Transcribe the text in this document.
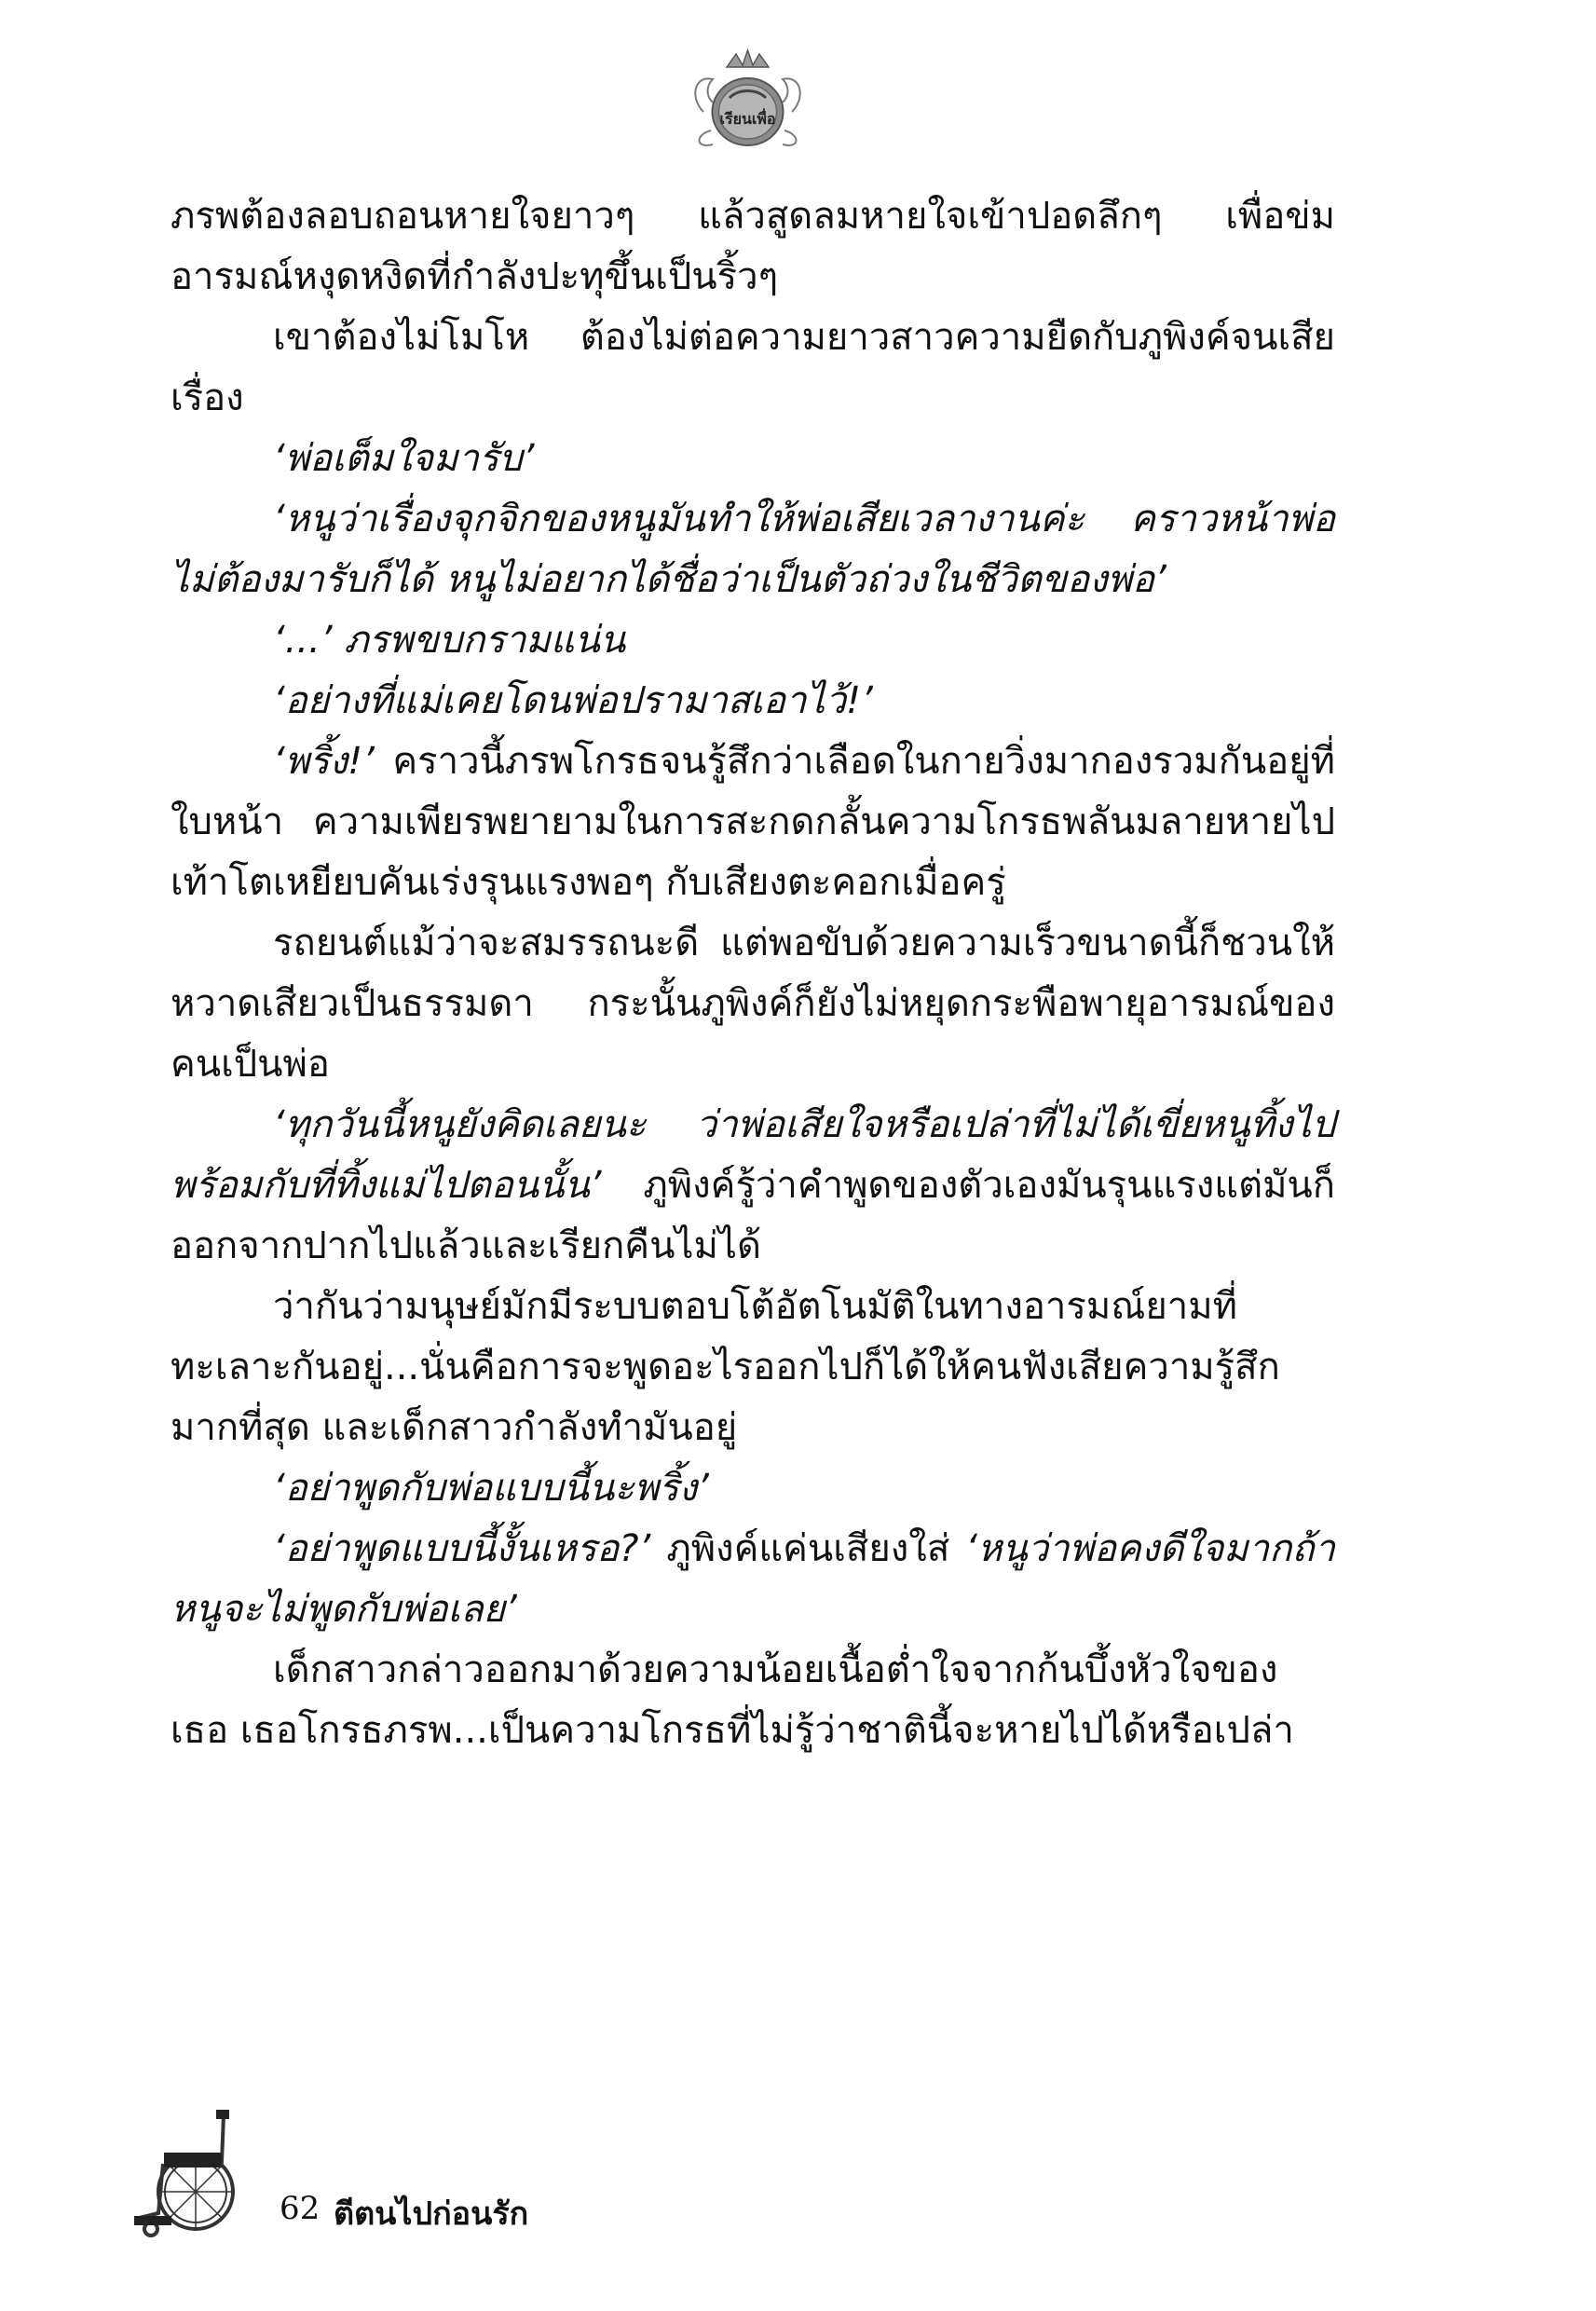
เรียนเพื่อ

ภรพต้องลอบถอนหายใจยาวๆ แล้วสูดลมหายใจเข้าปอดลึกๆ เพื่อข่มอารมณ์หงุดหงิดที่กำลังปะทุขึ้นเป็นริ้วๆ

เขาต้องไม่โมโห ต้องไม่ต่อความยาวสาวความยืดกับภูพิงค์จนเสียเรื่อง

‘พ่อเต็มใจมารับ’

‘หนูว่าเรื่องจุกจิกของหนูมันทำให้พ่อเสียเวลางานค่ะ คราวหน้าพ่อไม่ต้องมารับก็ได้ หนูไม่อยากได้ชื่อว่าเป็นตัวถ่วงในชีวิตของพ่อ’

‘...’ ภรพขบกรามแน่น

‘อย่างที่แม่เคยโดนพ่อปรามาสเอาไว้!’

‘พริ้ง!’ คราวนี้ภรพโกรธจนรู้สึกว่าเลือดในกายวิ่งมากองรวมกันอยู่ที่ใบหน้า ความเพียรพยายามในการสะกดกลั้นความโกรธพลันมลายหายไป เท้าโตเหยียบคันเร่งรุนแรงพอๆ กับเสียงตะคอกเมื่อครู่

รถยนต์แม้ว่าจะสมรรถนะดี แต่พอขับด้วยความเร็วขนาดนี้ก็ชวนให้หวาดเสียวเป็นธรรมดา กระนั้นภูพิงค์ก็ยังไม่หยุดกระพือพายุอารมณ์ของคนเป็นพ่อ

‘ทุกวันนี้หนูยังคิดเลยนะ ว่าพ่อเสียใจหรือเปล่าที่ไม่ได้เขี่ยหนูทิ้งไปพร้อมกับที่ทิ้งแม่ไปตอนนั้น’ ภูพิงค์รู้ว่าคำพูดของตัวเองมันรุนแรงแต่มันก็ออกจากปากไปแล้วและเรียกคืนไม่ได้

ว่ากันว่ามนุษย์มักมีระบบตอบโต้อัตโนมัติในทางอารมณ์ยามที่ทะเลาะกันอยู่...นั่นคือการจะพูดอะไรออกไปก็ได้ให้คนฟังเสียความรู้สึกมากที่สุด และเด็กสาวกำลังทำมันอยู่

‘อย่าพูดกับพ่อแบบนี้นะพริ้ง’

‘อย่าพูดแบบนี้งั้นเหรอ?’ ภูพิงค์แค่นเสียงใส่ ‘หนูว่าพ่อคงดีใจมากถ้าหนูจะไม่พูดกับพ่อเลย’

เด็กสาวกล่าวออกมาด้วยความน้อยเนื้อต่ำใจจากก้นบึ้งหัวใจของเธอ เธอโกรธภรพ...เป็นความโกรธที่ไม่รู้ว่าชาตินี้จะหายไปได้หรือเปล่า

62 ตีตนไปก่อนรัก
